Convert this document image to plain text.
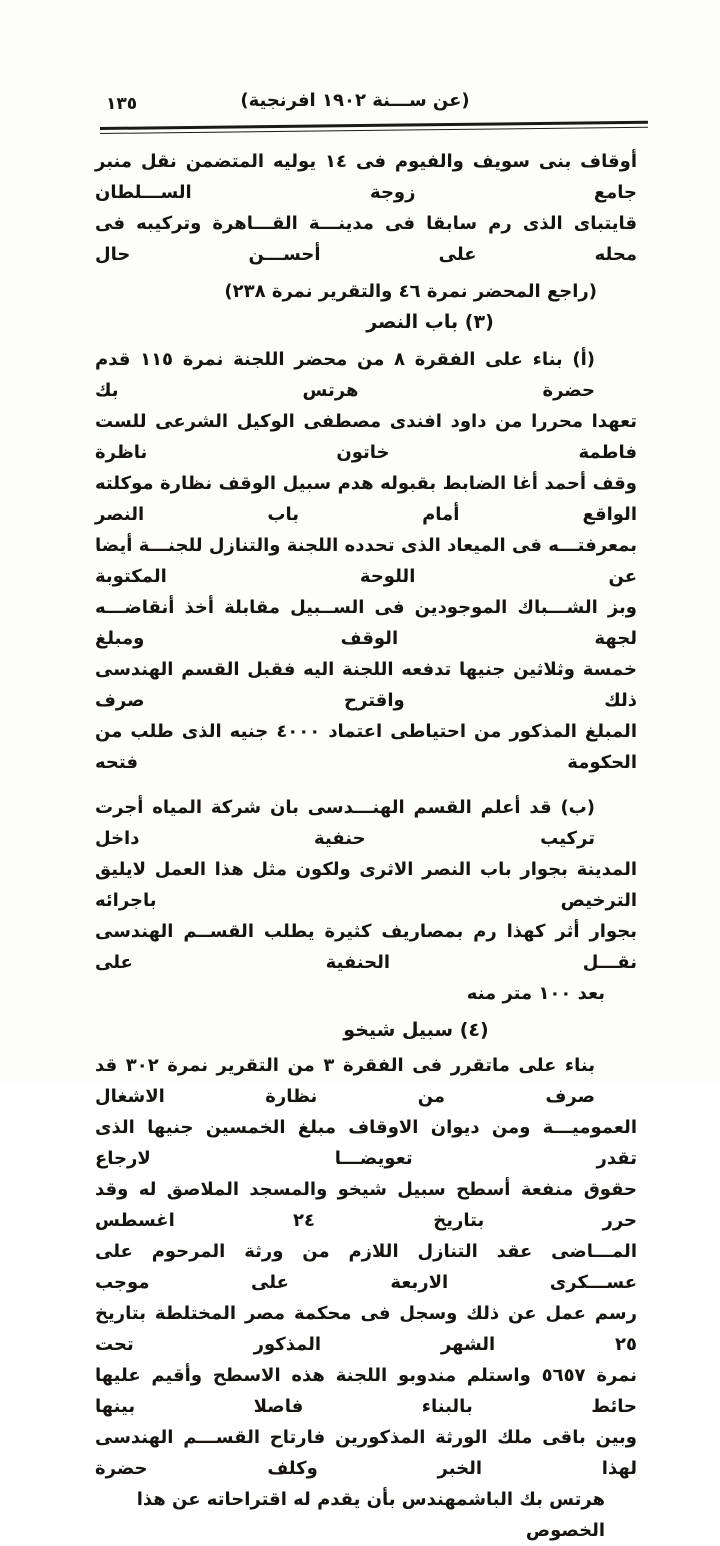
١٣٥	(عن ســـنة ١٩٠٢ افرنجية)
أوقاف بنى سويف والفيوم فى ١٤ يوليه المتضمن نقل منبر جامع زوجة الســـلطان
قايتباى الذى رم سابقا فى مدينـــة القـــاهرة وتركيبه فى محله على أحســـن حال
(راجع المحضر نمرة ٤٦ والتقرير نمرة ٢٣٨)
(٣) باب النصر
(أ) بناء على الفقرة ٨ من محضر اللجنة نمرة ١١٥ قدم حضرة هرتس بك
تعهدا محررا من داود افندى مصطفى الوكيل الشرعى للست فاطمة خاتون ناظرة
وقف أحمد أغا الضابط بقبوله هدم سبيل الوقف نظارة موكلته الواقع أمام باب النصر
بمعرفتـــه فى الميعاد الذى تحدده اللجنة والتنازل للجنـــة أيضا عن اللوحة المكتوبة
وبز الشـــباك الموجودين فى الســبيل مقابلة أخذ أنقاضـــه لجهة الوقف ومبلغ
خمسة وثلاثين جنيها تدفعه اللجنة اليه فقبل القسم الهندسى ذلك واقترح صرف
المبلغ المذكور من احتياطى اعتماد ٤٠٠٠ جنيه الذى طلب من الحكومة فتحه
(ب) قد أعلم القسم الهنـــدسى بان شركة المياه أجرت تركيب حنفية داخل
المدينة بجوار باب النصر الاثرى ولكون مثل هذا العمل لايليق الترخيص باجرائه
بجوار أثر كهذا رم بمصاريف كثيرة يطلب القســم الهندسى نقـــل الحنفية على
بعد ١٠٠ متر منه
(٤) سبيل شيخو
بناء على ماتقرر فى الفقرة ٣ من التقرير نمرة ٣٠٢ قد صرف من نظارة الاشغال
العموميـــة ومن ديوان الاوقاف مبلغ الخمسين جنيها الذى تقدر تعويضـــا لارجاع
حقوق منفعة أسطح سبيل شيخو والمسجد الملاصق له وقد حرر بتاريخ ٢٤ اغسطس
المـــاضى عقد التنازل اللازم من ورثة المرحوم على عســـكرى الاربعة على موجب
رسم عمل عن ذلك وسجل فى محكمة مصر المختلطة بتاريخ ٢٥ الشهر المذكور تحت
نمرة ٥٦٥٧ واستلم مندوبو اللجنة هذه الاسطح وأقيم عليها حائط بالبناء فاصلا بينها
وبين باقى ملك الورثة المذكورين فارتاح القســـم الهندسى لهذا الخبر وكلف حضرة
هرتس بك الباشمهندس بأن يقدم له اقتراحاته عن هذا الخصوص
